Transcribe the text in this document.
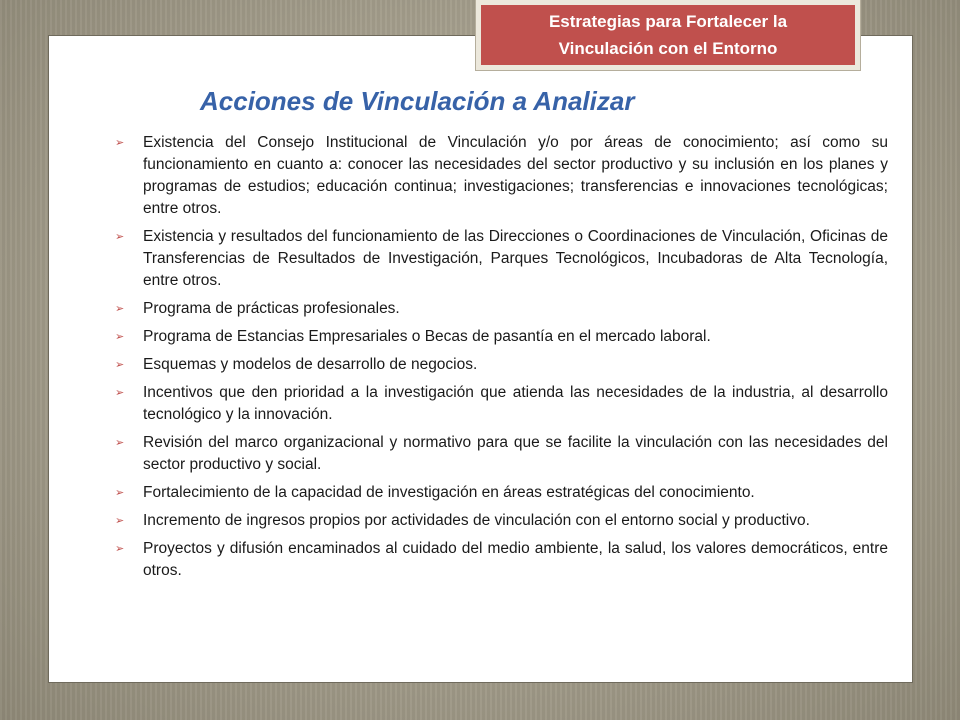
Estrategias para Fortalecer la
Vinculación con el Entorno
Acciones de Vinculación a Analizar
➢ Existencia del Consejo Institucional de Vinculación y/o por áreas de conocimiento; así como su funcionamiento en cuanto a: conocer las necesidades del sector productivo y su inclusión en los planes y programas de estudios; educación continua; investigaciones; transferencias e innovaciones tecnológicas; entre otros.
➢ Existencia y resultados del funcionamiento de las Direcciones o Coordinaciones de Vinculación, Oficinas de Transferencias de Resultados de Investigación, Parques Tecnológicos, Incubadoras de Alta Tecnología, entre otros.
➢ Programa de prácticas profesionales.
➢ Programa de Estancias Empresariales o Becas de pasantía en el mercado laboral.
➢ Esquemas y modelos de desarrollo de negocios.
➢ Incentivos que den prioridad a la investigación que atienda las necesidades de la industria, al desarrollo tecnológico y la innovación.
➢ Revisión del marco organizacional y normativo para que se facilite la vinculación con las necesidades del sector productivo y social.
➢ Fortalecimiento de la capacidad de investigación en áreas estratégicas del conocimiento.
➢ Incremento de ingresos propios por actividades de vinculación con el entorno social y productivo.
➢ Proyectos y difusión encaminados al cuidado del medio ambiente, la salud, los valores democráticos, entre otros.
